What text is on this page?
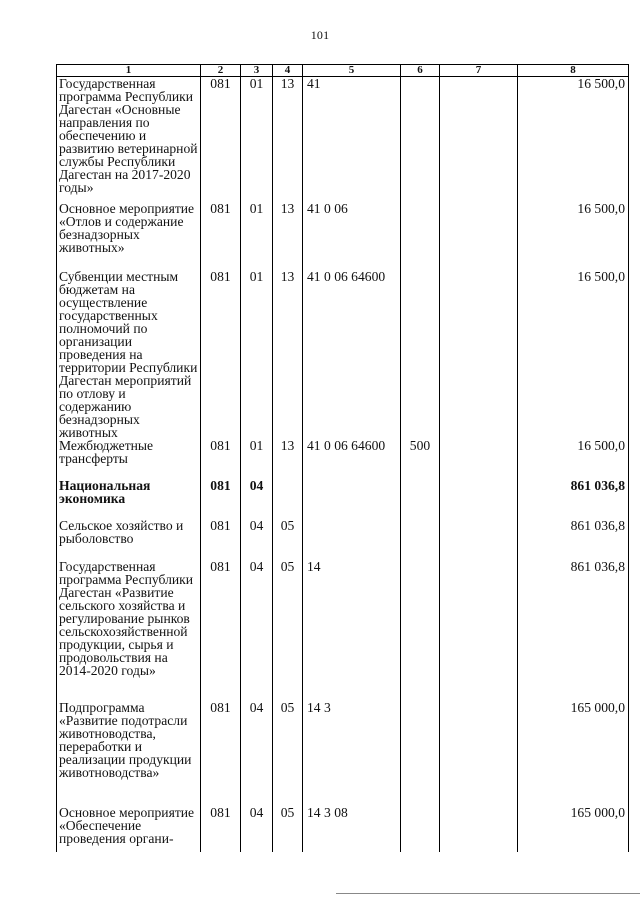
101
1	2	3	4	5	6	7	8
Государственная программа Республики Дагестан «Основные направления по обеспечению и развитию ветеринарной службы Республики Дагестан на 2017-2020 годы»	081	01	13	41			16 500,0
Основное мероприятие «Отлов и содержание безнадзорных животных»	081	01	13	41 0 06			16 500,0
Субвенции местным бюджетам на осуществление государственных полномочий по организации проведения на территории Республики Дагестан мероприятий по отлову и содержанию безнадзорных животных	081	01	13	41 0 06 64600			16 500,0
Межбюджетные трансферты	081	01	13	41 0 06 64600	500		16 500,0
Национальная экономика	081	04					861 036,8
Сельское хозяйство и рыболовство	081	04	05				861 036,8
Государственная программа Республики Дагестан «Развитие сельского хозяйства и регулирование рынков сельскохозяйственной продукции, сырья и продовольствия на 2014-2020 годы»	081	04	05	14			861 036,8
Подпрограмма «Развитие подотрасли животноводства, переработки и реализации продукции животноводства»	081	04	05	14 3			165 000,0
Основное мероприятие «Обеспечение проведения органи-	081	04	05	14 3 08			165 000,0
